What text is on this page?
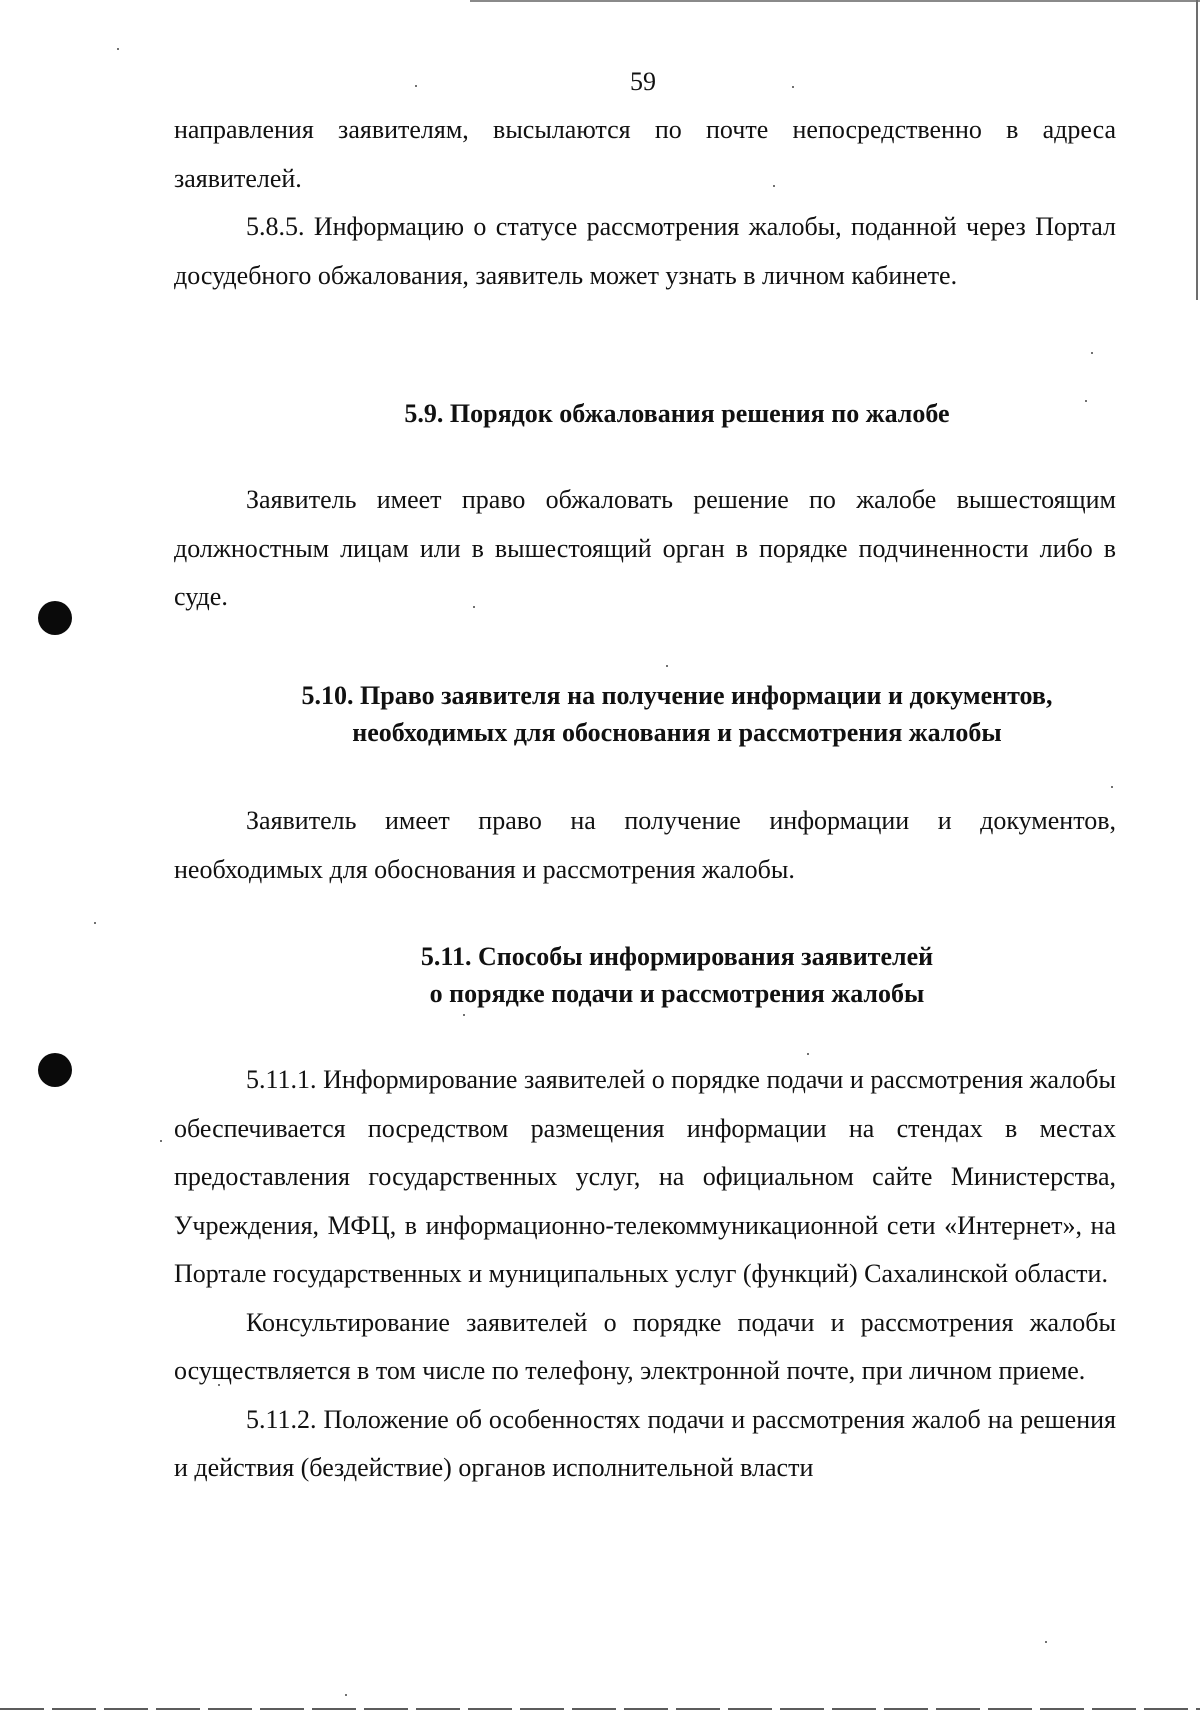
59

направления заявителям, высылаются по почте непосредственно в адреса заявителей.

5.8.5. Информацию о статусе рассмотрения жалобы, поданной через Портал досудебного обжалования, заявитель может узнать в личном кабинете.

5.9. Порядок обжалования решения по жалобе

Заявитель имеет право обжаловать решение по жалобе вышестоящим должностным лицам или в вышестоящий орган в порядке подчиненности либо в суде.

5.10. Право заявителя на получение информации и документов,
необходимых для обоснования и рассмотрения жалобы

Заявитель имеет право на получение информации и документов, необходимых для обоснования и рассмотрения жалобы.

5.11. Способы информирования заявителей
о порядке подачи и рассмотрения жалобы

5.11.1. Информирование заявителей о порядке подачи и рассмотрения жалобы обеспечивается посредством размещения информации на стендах в местах предоставления государственных услуг, на официальном сайте Министерства, Учреждения, МФЦ, в информационно-телекоммуникационной сети «Интернет», на Портале государственных и муниципальных услуг (функций) Сахалинской области.

Консультирование заявителей о порядке подачи и рассмотрения жалобы осуществляется в том числе по телефону, электронной почте, при личном приеме.

5.11.2. Положение об особенностях подачи и рассмотрения жалоб на решения и действия (бездействие) органов исполнительной власти
